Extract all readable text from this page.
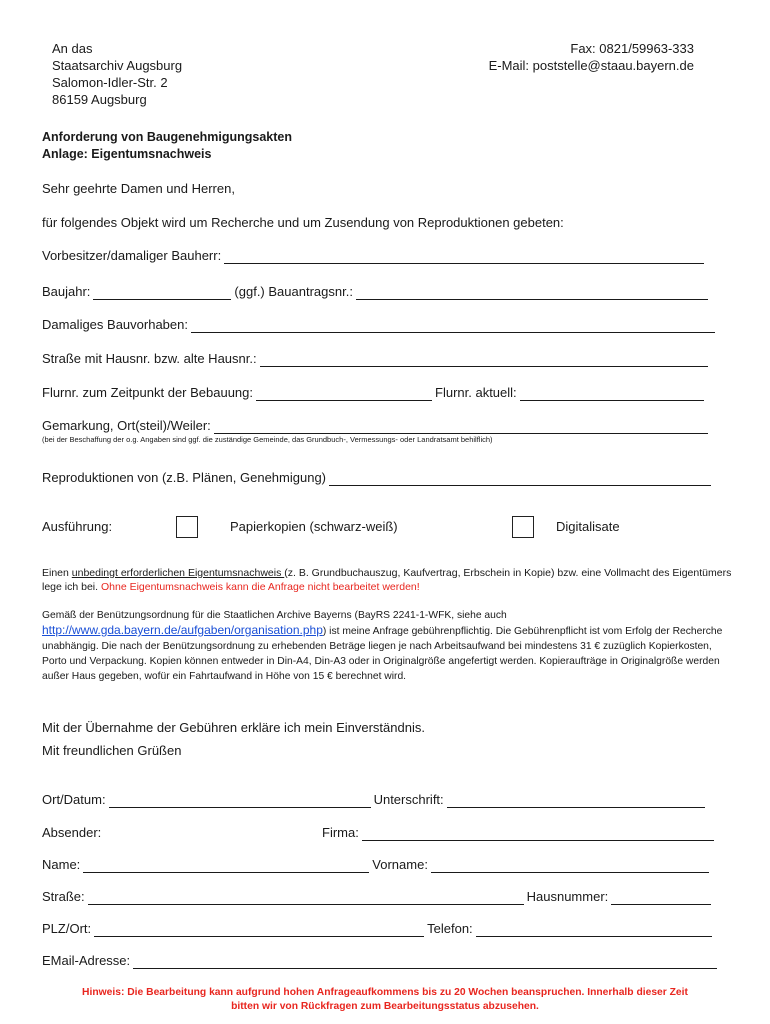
An das
Staatsarchiv Augsburg
Salomon-Idler-Str. 2
86159 Augsburg
Fax: 0821/59963-333
E-Mail: poststelle@staau.bayern.de
Anforderung von Baugenehmigungsakten
Anlage: Eigentumsnachweis
Sehr geehrte Damen und Herren,
für folgendes Objekt wird um Recherche und um Zusendung von Reproduktionen gebeten:
Vorbesitzer/damaliger Bauherr:
Baujahr:	(ggf.) Bauantragsnr.:
Damaliges Bauvorhaben:
Straße mit Hausnr. bzw. alte Hausnr.:
Flurnr. zum Zeitpunkt der Bebauung:	Flurnr. aktuell:
Gemarkung, Ort(steil)/Weiler:
(bei der Beschaffung der o.g. Angaben sind ggf. die zuständige Gemeinde, das Grundbuch-, Vermessungs- oder Landratsamt behilflich)
Reproduktionen von (z.B. Plänen, Genehmigung)
Ausführung:	Papierkopien (schwarz-weiß)	Digitalisate
Einen unbedingt erforderlichen Eigentumsnachweis (z. B. Grundbuchauszug, Kaufvertrag, Erbschein in Kopie) bzw. eine Vollmacht des Eigentümers lege ich bei. Ohne Eigentumsnachweis kann die Anfrage nicht bearbeitet werden!
Gemäß der Benützungsordnung für die Staatlichen Archive Bayerns (BayRS 2241-1-WFK, siehe auch
http://www.gda.bayern.de/aufgaben/organisation.php) ist meine Anfrage gebührenpflichtig. Die Gebührenpflicht ist vom Erfolg der Recherche unabhängig. Die nach der Benützungsordnung zu erhebenden Beträge liegen je nach Arbeitsaufwand bei mindestens 31 € zuzüglich Kopierkosten, Porto und Verpackung. Kopien können entweder in Din-A4, Din-A3 oder in Originalgröße angefertigt werden. Kopieraufträge in Originalgröße werden außer Haus gegeben, wofür ein Fahrtaufwand in Höhe von 15 € berechnet wird.
Mit der Übernahme der Gebühren erkläre ich mein Einverständnis.
Mit freundlichen Grüßen
Ort/Datum:	Unterschrift:
Absender:	Firma:
Name:	Vorname:
Straße:	Hausnummer:
PLZ/Ort:	Telefon:
EMail-Adresse:
Hinweis: Die Bearbeitung kann aufgrund hohen Anfrageaufkommens bis zu 20 Wochen beanspruchen. Innerhalb dieser Zeit
bitten wir von Rückfragen zum Bearbeitungsstatus abzusehen.
